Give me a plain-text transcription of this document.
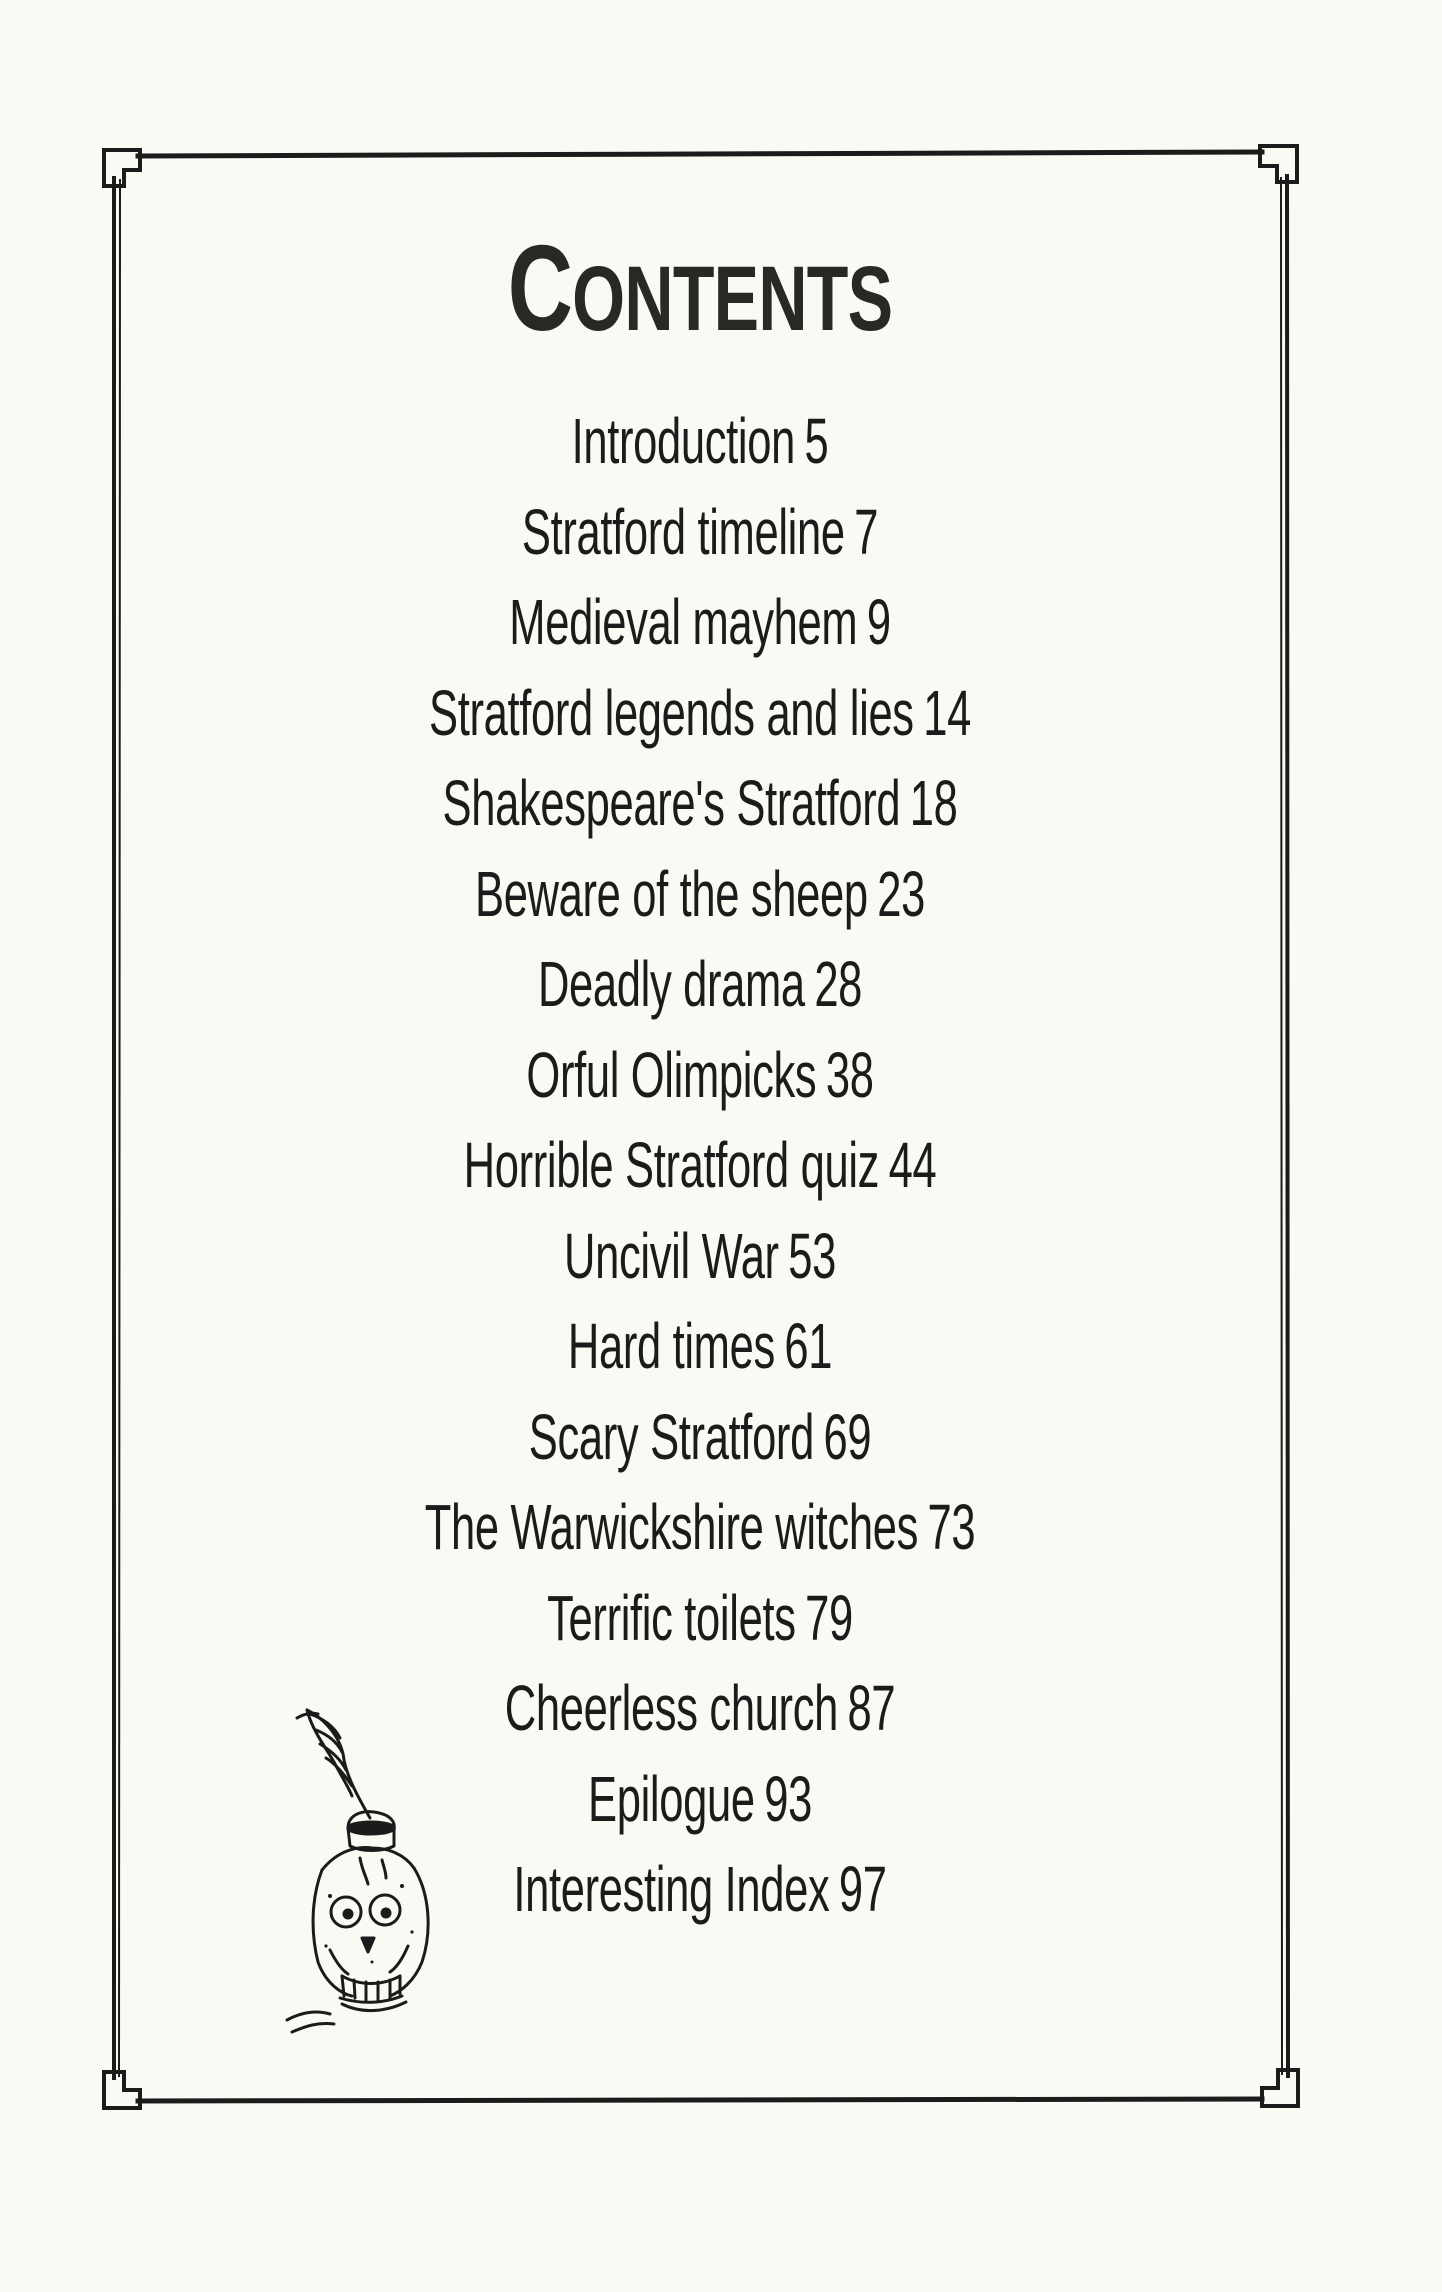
CONTENTS
Introduction 5
Stratford timeline 7
Medieval mayhem 9
Stratford legends and lies 14
Shakespeare's Stratford 18
Beware of the sheep 23
Deadly drama 28
Orful Olimpicks 38
Horrible Stratford quiz 44
Uncivil War 53
Hard times 61
Scary Stratford 69
The Warwickshire witches 73
Terrific toilets 79
Cheerless church 87
Epilogue 93
Interesting Index 97
